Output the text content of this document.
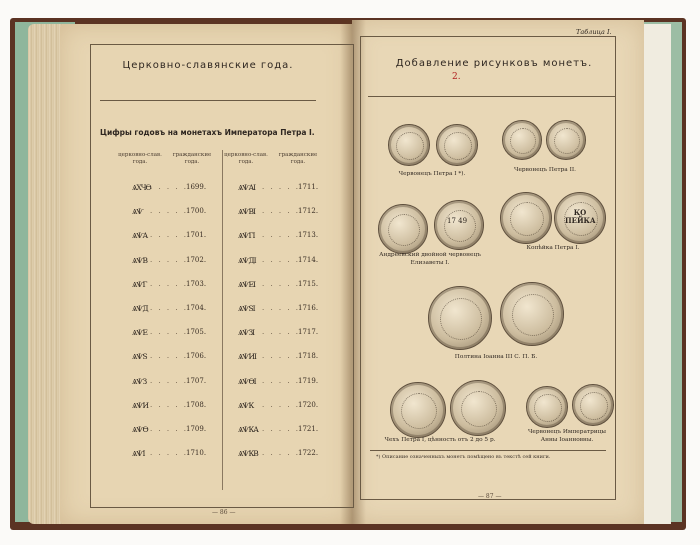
Церковно-славянские года.
Цифры годовъ на монетахъ Императора Петра I.
церковно-слав. года.
гражданские года.
церковно-слав. года.
гражданские года.
ѦХЧѲ . . . . .
1699.
ѦѰ . . . . .
1700.
ѦѰА . . . . .
1701.
ѦѰВ . . . . .
1702.
ѦѰГ . . . . .
1703.
ѦѰД . . . . .
1704.
ѦѰЕ . . . . .
1705.
ѦѰЅ . . . . .
1706.
ѦѰЗ . . . . .
1707.
ѦѰИ . . . . .
1708.
ѦѰѲ . . . . .
1709.
ѦѰІ . . . . .
1710.
ѦѰАІ . . . . .
1711.
ѦѰВІ . . . . .
1712.
ѦѰГІ . . . . .
1713.
ѦѰДІ . . . . .
1714.
ѦѰЕІ . . . . .
1715.
ѦѰЅІ . . . . .
1716.
ѦѰЗІ . . . . .
1717.
ѦѰИІ . . . . .
1718.
ѦѰѲІ . . . . .
1719.
ѦѰК . . . . .
1720.
ѦѰКА . . . . .
1721.
ѦѰКВ . . . . .
1722.
— 86 —
Таблица I.
Добавление рисунковъ монетъ.
2.
Червонецъ Петра I *).
Червонецъ Петра II.
17 49
Андреевский двойной червонецъ Елизаветы I.
КО ПЕЙКА
Копѣйка Петра I.
Полтина Іоанна III С. П. Б.
Чехъ Петра I, цѣнность отъ 2 до 5 р.
Червонецъ Императрицы Анны Іоанновны.
*) Описание означенныхъ монетъ помѣщено въ текстѣ сей книги.
— 87 —
